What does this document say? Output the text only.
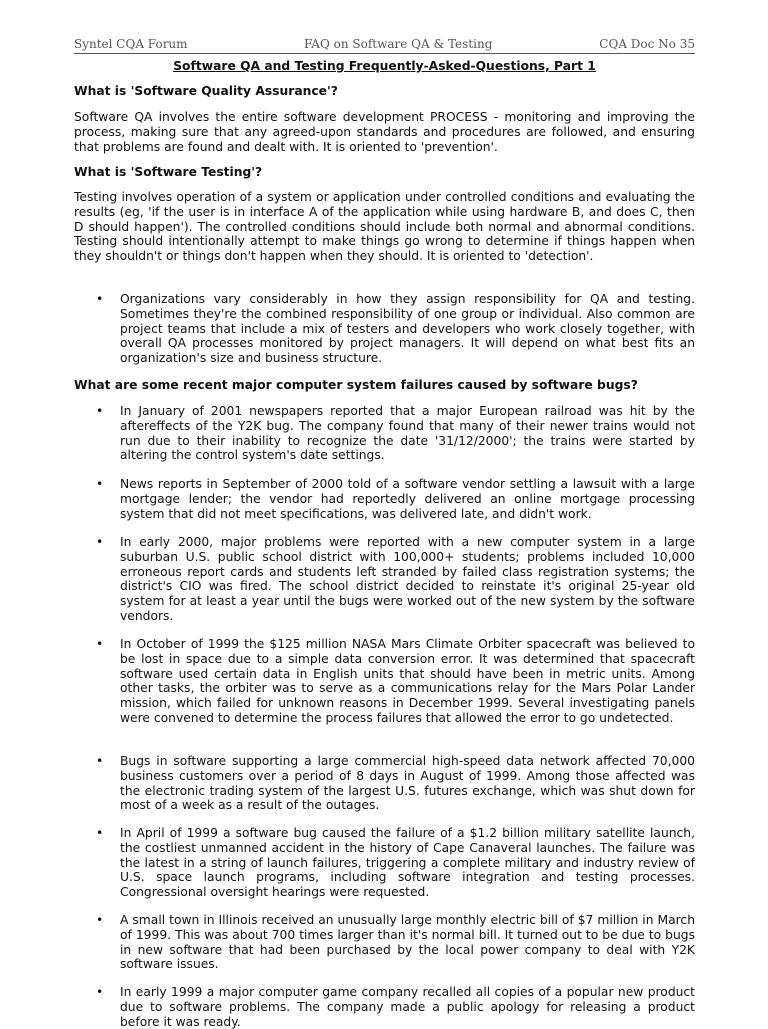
Syntel CQA Forum	FAQ on Software QA & Testing	CQA Doc No 35
Software QA and Testing Frequently-Asked-Questions, Part 1
What is 'Software Quality Assurance'?
Software QA involves the entire software development PROCESS - monitoring and improving the process, making sure that any agreed-upon standards and procedures are followed, and ensuring that problems are found and dealt with. It is oriented to 'prevention'.
What is 'Software Testing'?
Testing involves operation of a system or application under controlled conditions and evaluating the results (eg, 'if the user is in interface A of the application while using hardware B, and does C, then D should happen'). The controlled conditions should include both normal and abnormal conditions. Testing should intentionally attempt to make things go wrong to determine if things happen when they shouldn't or things don't happen when they should. It is oriented to 'detection'.
• Organizations vary considerably in how they assign responsibility for QA and testing. Sometimes they're the combined responsibility of one group or individual. Also common are project teams that include a mix of testers and developers who work closely together, with overall QA processes monitored by project managers. It will depend on what best fits an organization's size and business structure.
What are some recent major computer system failures caused by software bugs?
• In January of 2001 newspapers reported that a major European railroad was hit by the aftereffects of the Y2K bug. The company found that many of their newer trains would not run due to their inability to recognize the date '31/12/2000'; the trains were started by altering the control system's date settings.
• News reports in September of 2000 told of a software vendor settling a lawsuit with a large mortgage lender; the vendor had reportedly delivered an online mortgage processing system that did not meet specifications, was delivered late, and didn't work.
• In early 2000, major problems were reported with a new computer system in a large suburban U.S. public school district with 100,000+ students; problems included 10,000 erroneous report cards and students left stranded by failed class registration systems; the district's CIO was fired. The school district decided to reinstate it's original 25-year old system for at least a year until the bugs were worked out of the new system by the software vendors.
• In October of 1999 the $125 million NASA Mars Climate Orbiter spacecraft was believed to be lost in space due to a simple data conversion error. It was determined that spacecraft software used certain data in English units that should have been in metric units. Among other tasks, the orbiter was to serve as a communications relay for the Mars Polar Lander mission, which failed for unknown reasons in December 1999. Several investigating panels were convened to determine the process failures that allowed the error to go undetected.
• Bugs in software supporting a large commercial high-speed data network affected 70,000 business customers over a period of 8 days in August of 1999. Among those affected was the electronic trading system of the largest U.S. futures exchange, which was shut down for most of a week as a result of the outages.
• In April of 1999 a software bug caused the failure of a $1.2 billion military satellite launch, the costliest unmanned accident in the history of Cape Canaveral launches. The failure was the latest in a string of launch failures, triggering a complete military and industry review of U.S. space launch programs, including software integration and testing processes. Congressional oversight hearings were requested.
• A small town in Illinois received an unusually large monthly electric bill of $7 million in March of 1999. This was about 700 times larger than it's normal bill. It turned out to be due to bugs in new software that had been purchased by the local power company to deal with Y2K software issues.
• In early 1999 a major computer game company recalled all copies of a popular new product due to software problems. The company made a public apology for releasing a product before it was ready.
